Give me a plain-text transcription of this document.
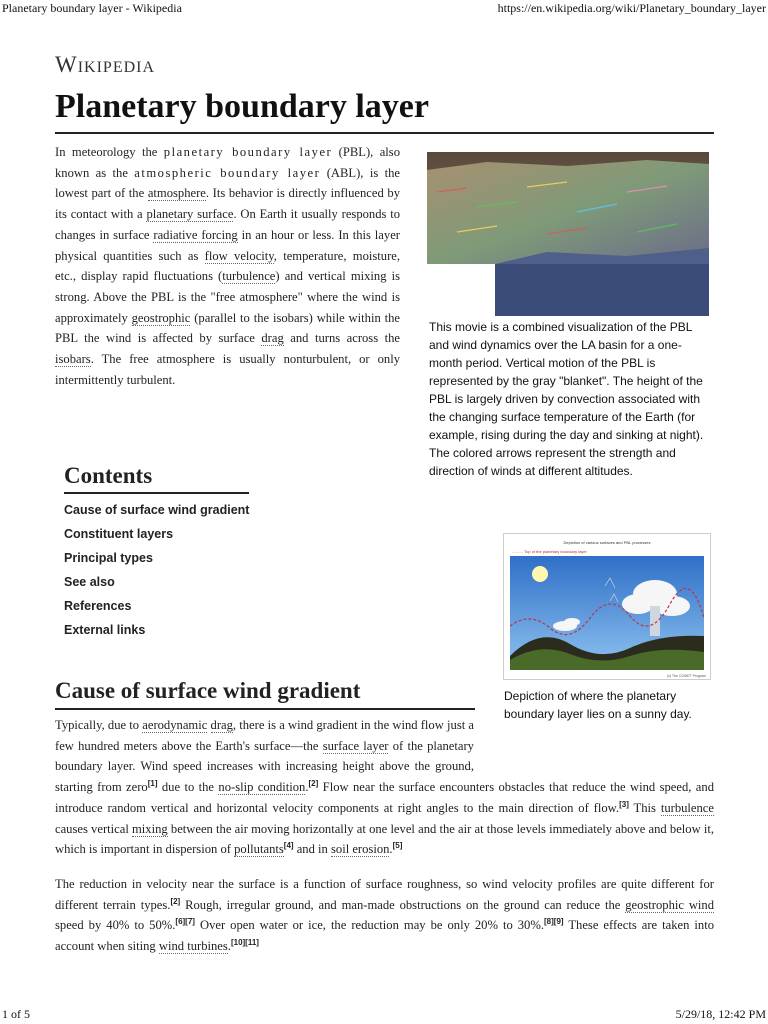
Planetary boundary layer - Wikipedia	https://en.wikipedia.org/wiki/Planetary_boundary_layer
Wikipedia
Planetary boundary layer

In meteorology the planetary boundary layer (PBL), also known as the atmospheric boundary layer (ABL), is the lowest part of the atmosphere. Its behavior is directly influenced by its contact with a planetary surface. On Earth it usually responds to changes in surface radiative forcing in an hour or less. In this layer physical quantities such as flow velocity, temperature, moisture, etc., display rapid fluctuations (turbulence) and vertical mixing is strong. Above the PBL is the "free atmosphere" where the wind is approximately geostrophic (parallel to the isobars) while within the PBL the wind is affected by surface drag and turns across the isobars. The free atmosphere is usually nonturbulent, or only intermittently turbulent.

This movie is a combined visualization of the PBL and wind dynamics over the LA basin for a one-month period. Vertical motion of the PBL is represented by the gray "blanket". The height of the PBL is largely driven by convection associated with the changing surface temperature of the Earth (for example, rising during the day and sinking at night). The colored arrows represent the strength and direction of winds at different altitudes.

Contents
Cause of surface wind gradient
Constituent layers
Principal types
See also
References
External links
Depiction of various surfaces and PBL processes
- - - - - Top of the planetary boundary layer
(c) The COMET Program

Depiction of where the planetary boundary layer lies on a sunny day.

Cause of surface wind gradient

Typically, due to aerodynamic drag, there is a wind gradient in the wind flow just a few hundred meters above the Earth's surface—the surface layer of the planetary boundary layer. Wind speed increases with increasing height above the ground, starting from zero[1] due to the no-slip condition.[2] Flow near the surface encounters obstacles that reduce the wind speed, and introduce random vertical and horizontal velocity components at right angles to the main direction of flow.[3] This turbulence causes vertical mixing between the air moving horizontally at one level and the air at those levels immediately above and below it, which is important in dispersion of pollutants[4] and in soil erosion.[5]

The reduction in velocity near the surface is a function of surface roughness, so wind velocity profiles are quite different for different terrain types.[2] Rough, irregular ground, and man-made obstructions on the ground can reduce the geostrophic wind speed by 40% to 50%.[6][7] Over open water or ice, the reduction may be only 20% to 30%.[8][9] These effects are taken into account when siting wind turbines.[10][11]

1 of 5	5/29/18, 12:42 PM
